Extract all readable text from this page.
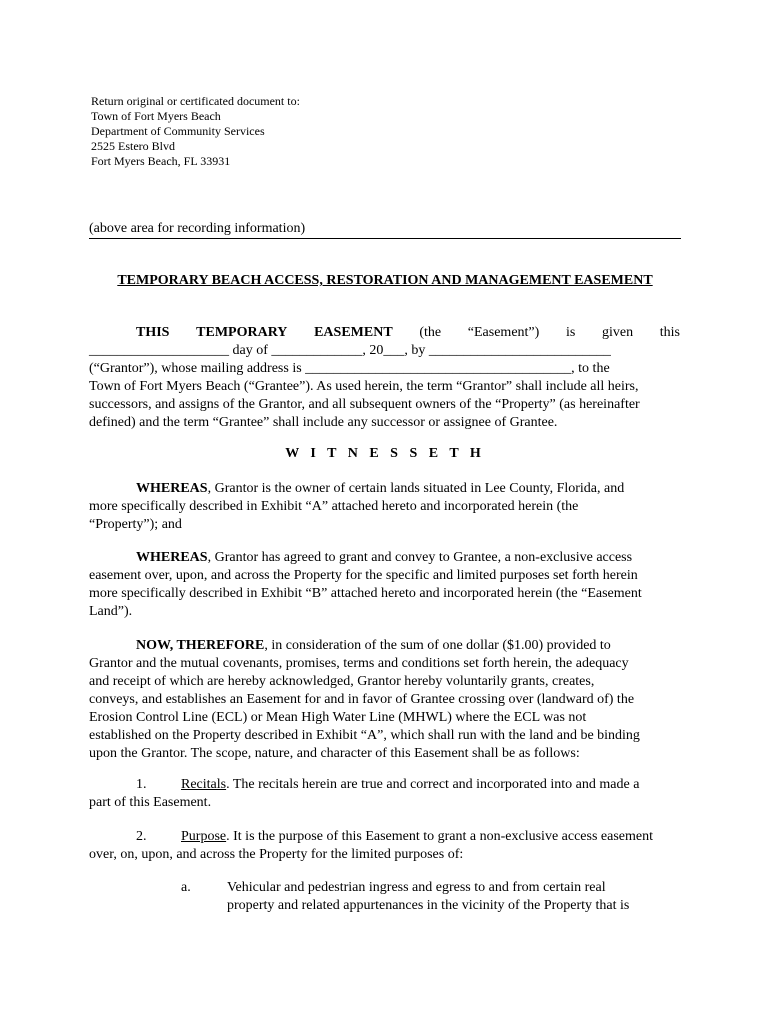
Return original or certificated document to:
Town of Fort Myers Beach
Department of Community Services
2525 Estero Blvd
Fort Myers Beach, FL 33931
(above area for recording information)
TEMPORARY BEACH ACCESS, RESTORATION AND MANAGEMENT EASEMENT
THIS TEMPORARY EASEMENT (the “Easement”) is given this
____________________ day of _____________, 20___, by __________________________
(“Grantor”), whose mailing address is ______________________________________, to the
Town of Fort Myers Beach (“Grantee”). As used herein, the term “Grantor” shall include all heirs,
successors, and assigns of the Grantor, and all subsequent owners of the “Property” (as hereinafter
defined) and the term “Grantee” shall include any successor or assignee of Grantee.
W I T N E S S E T H
WHEREAS, Grantor is the owner of certain lands situated in Lee County, Florida, and
more specifically described in Exhibit “A” attached hereto and incorporated herein (the
“Property”); and
WHEREAS, Grantor has agreed to grant and convey to Grantee, a non-exclusive access
easement over, upon, and across the Property for the specific and limited purposes set forth herein
more specifically described in Exhibit “B” attached hereto and incorporated herein (the “Easement
Land”).
NOW, THEREFORE, in consideration of the sum of one dollar ($1.00) provided to
Grantor and the mutual covenants, promises, terms and conditions set forth herein, the adequacy
and receipt of which are hereby acknowledged, Grantor hereby voluntarily grants, creates,
conveys, and establishes an Easement for and in favor of Grantee crossing over (landward of) the
Erosion Control Line (ECL) or Mean High Water Line (MHWL) where the ECL was not
established on the Property described in Exhibit “A”, which shall run with the land and be binding
upon the Grantor. The scope, nature, and character of this Easement shall be as follows:
1. Recitals. The recitals herein are true and correct and incorporated into and made a
part of this Easement.
2. Purpose. It is the purpose of this Easement to grant a non-exclusive access easement
over, on, upon, and across the Property for the limited purposes of:
a.	Vehicular and pedestrian ingress and egress to and from certain real
property and related appurtenances in the vicinity of the Property that is
